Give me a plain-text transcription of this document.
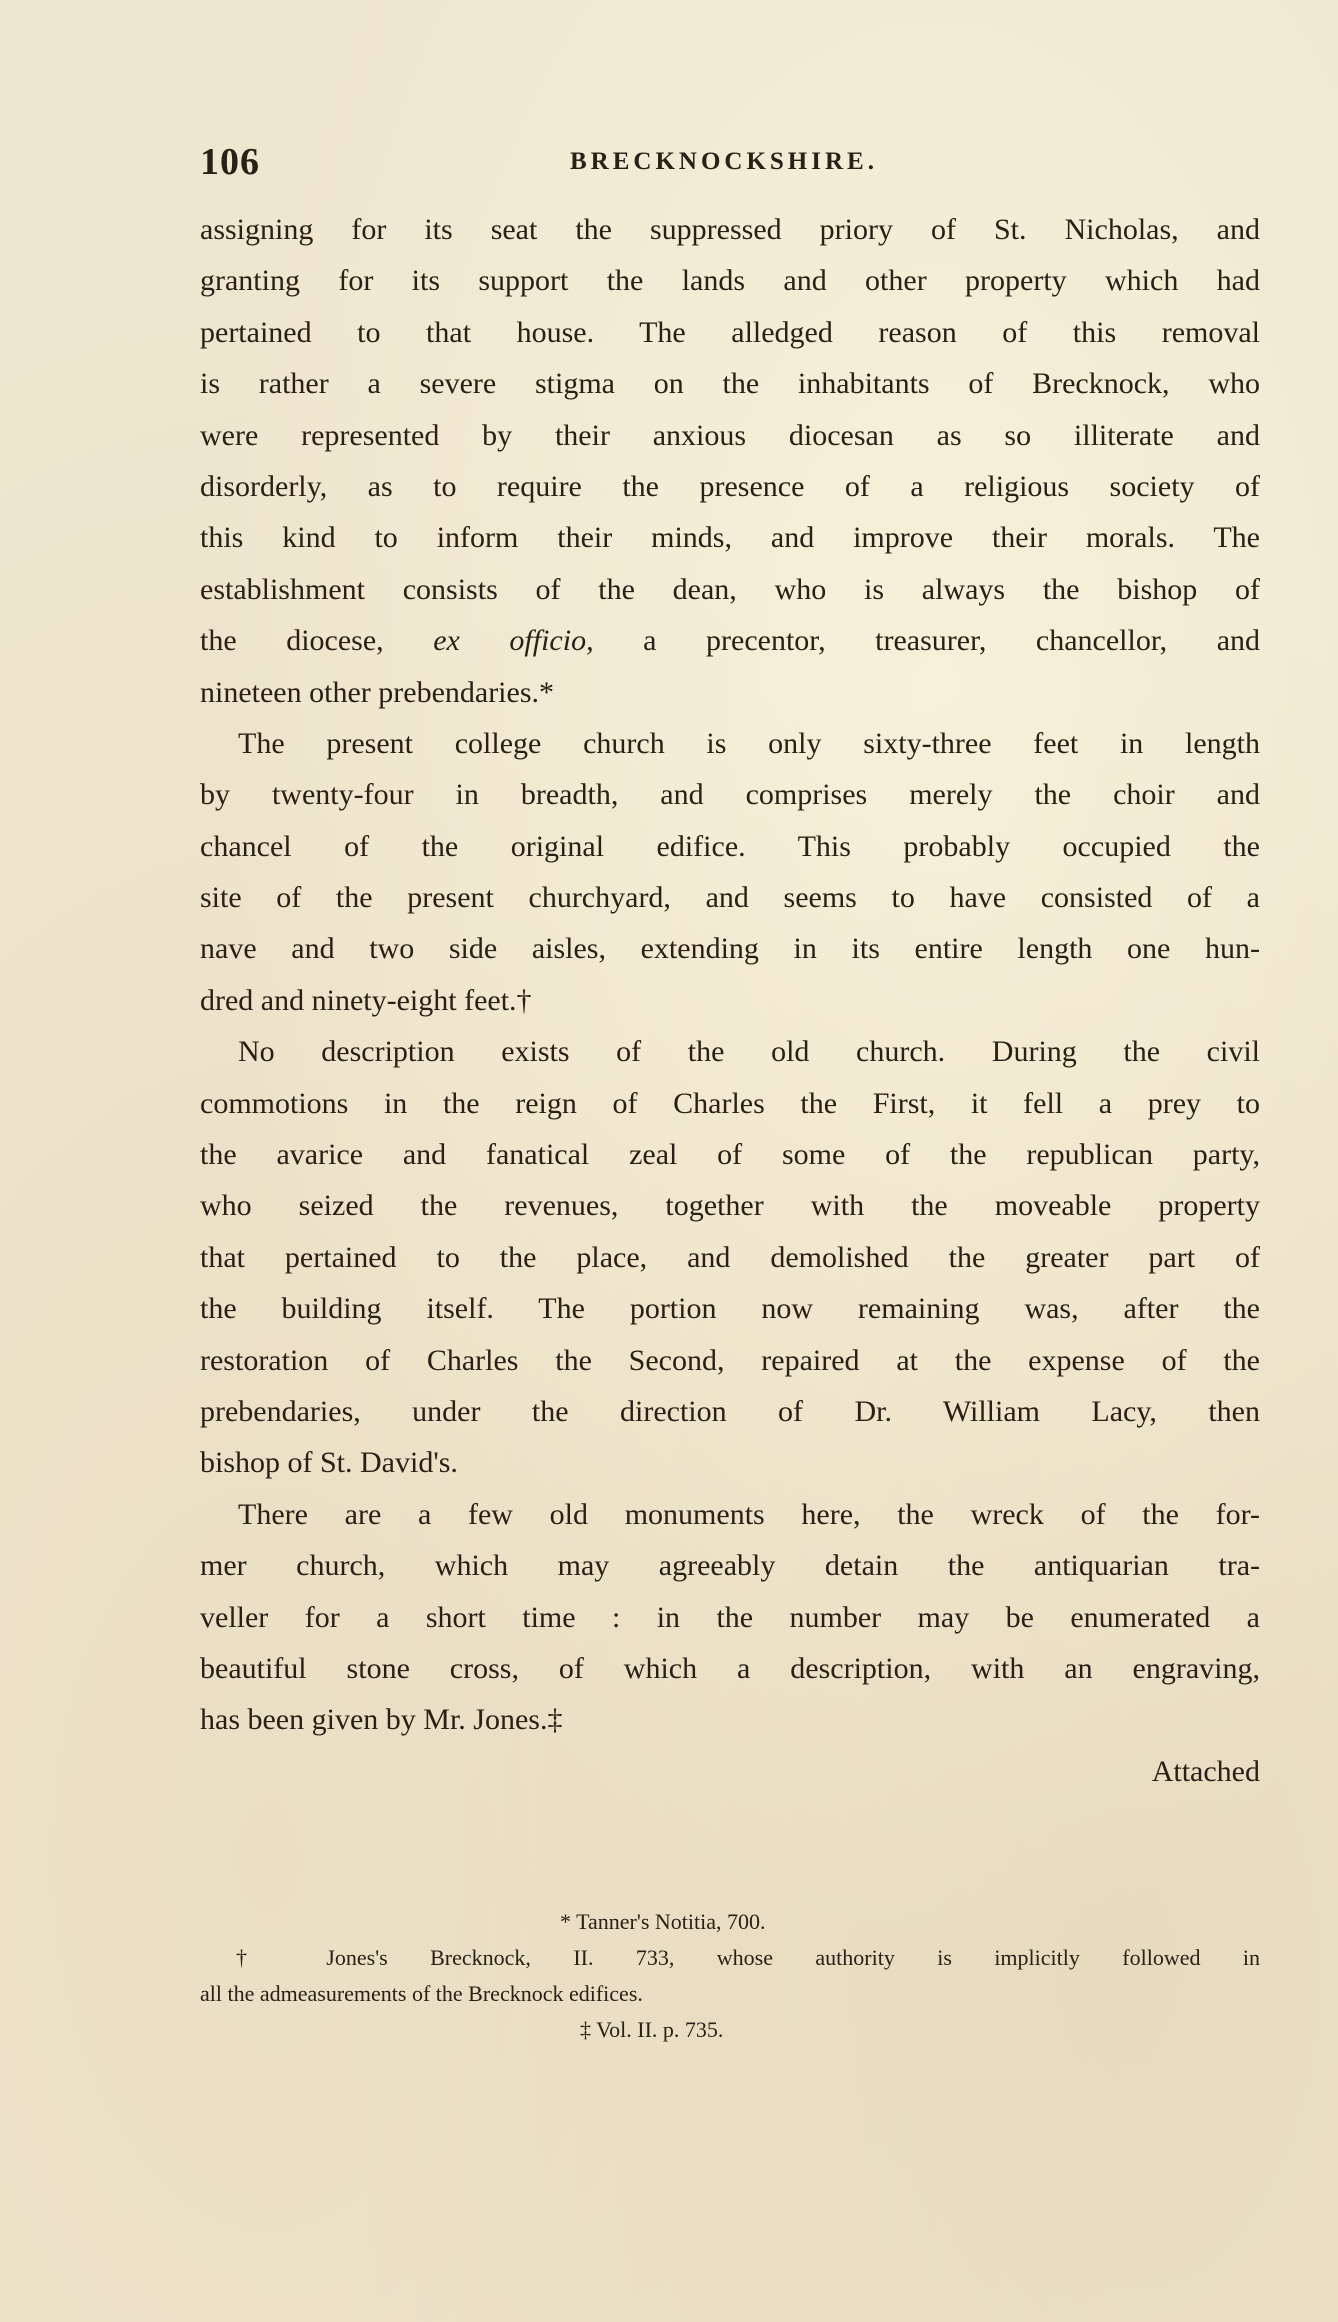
106	BRECKNOCKSHIRE.
assigning for its seat the suppressed priory of St. Nicholas, and
granting for its support the lands and other property which had
pertained to that house. The alledged reason of this removal
is rather a severe stigma on the inhabitants of Brecknock, who
were represented by their anxious diocesan as so illiterate and
disorderly, as to require the presence of a religious society of
this kind to inform their minds, and improve their morals. The
establishment consists of the dean, who is always the bishop of
the diocese, ex officio, a precentor, treasurer, chancellor, and
nineteen other prebendaries.*
The present college church is only sixty-three feet in length
by twenty-four in breadth, and comprises merely the choir and
chancel of the original edifice. This probably occupied the
site of the present churchyard, and seems to have consisted of a
nave and two side aisles, extending in its entire length one hun-
dred and ninety-eight feet.†
No description exists of the old church. During the civil
commotions in the reign of Charles the First, it fell a prey to
the avarice and fanatical zeal of some of the republican party,
who seized the revenues, together with the moveable property
that pertained to the place, and demolished the greater part of
the building itself. The portion now remaining was, after the
restoration of Charles the Second, repaired at the expense of the
prebendaries, under the direction of Dr. William Lacy, then
bishop of St. David's.
There are a few old monuments here, the wreck of the for-
mer church, which may agreeably detain the antiquarian tra-
veller for a short time : in the number may be enumerated a
beautiful stone cross, of which a description, with an engraving,
has been given by Mr. Jones.‡
Attached
* Tanner's Notitia, 700.
† Jones's Brecknock, II. 733, whose authority is implicitly followed in
all the admeasurements of the Brecknock edifices.
‡ Vol. II. p. 735.
